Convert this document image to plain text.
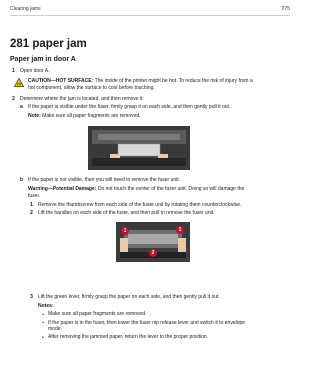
Clearing jams	275
281 paper jam
Paper jam in door A
1 Open door A.
CAUTION—HOT SURFACE: The inside of the printer might be hot. To reduce the risk of injury from a
hot component, allow the surface to cool before touching.
2 Determine where the jam is located, and then remove it:
a If the paper is visible under the fuser, firmly grasp it on each side, and then gently pull it out.
Note: Make sure all paper fragments are removed.
b If the paper is not visible, then you will need to remove the fuser unit.
Warning—Potential Damage: Do not touch the center of the fuser unit. Doing so will damage the
fuser.
1 Remove the thumbscrew from each side of the fuser unit by rotating them counterclockwise.
2 Lift the handles on each side of the fuser, and then pull to remove the fuser unit.
1	1
2
3 Lift the green lever, firmly grasp the paper on each side, and then gently pull it out.
Notes:
• Make sure all paper fragments are removed.
• If the paper is in the fuser, then lower the fuser nip release lever and switch it to envelope
mode.
• After removing the jammed paper, return the lever to the proper position.
